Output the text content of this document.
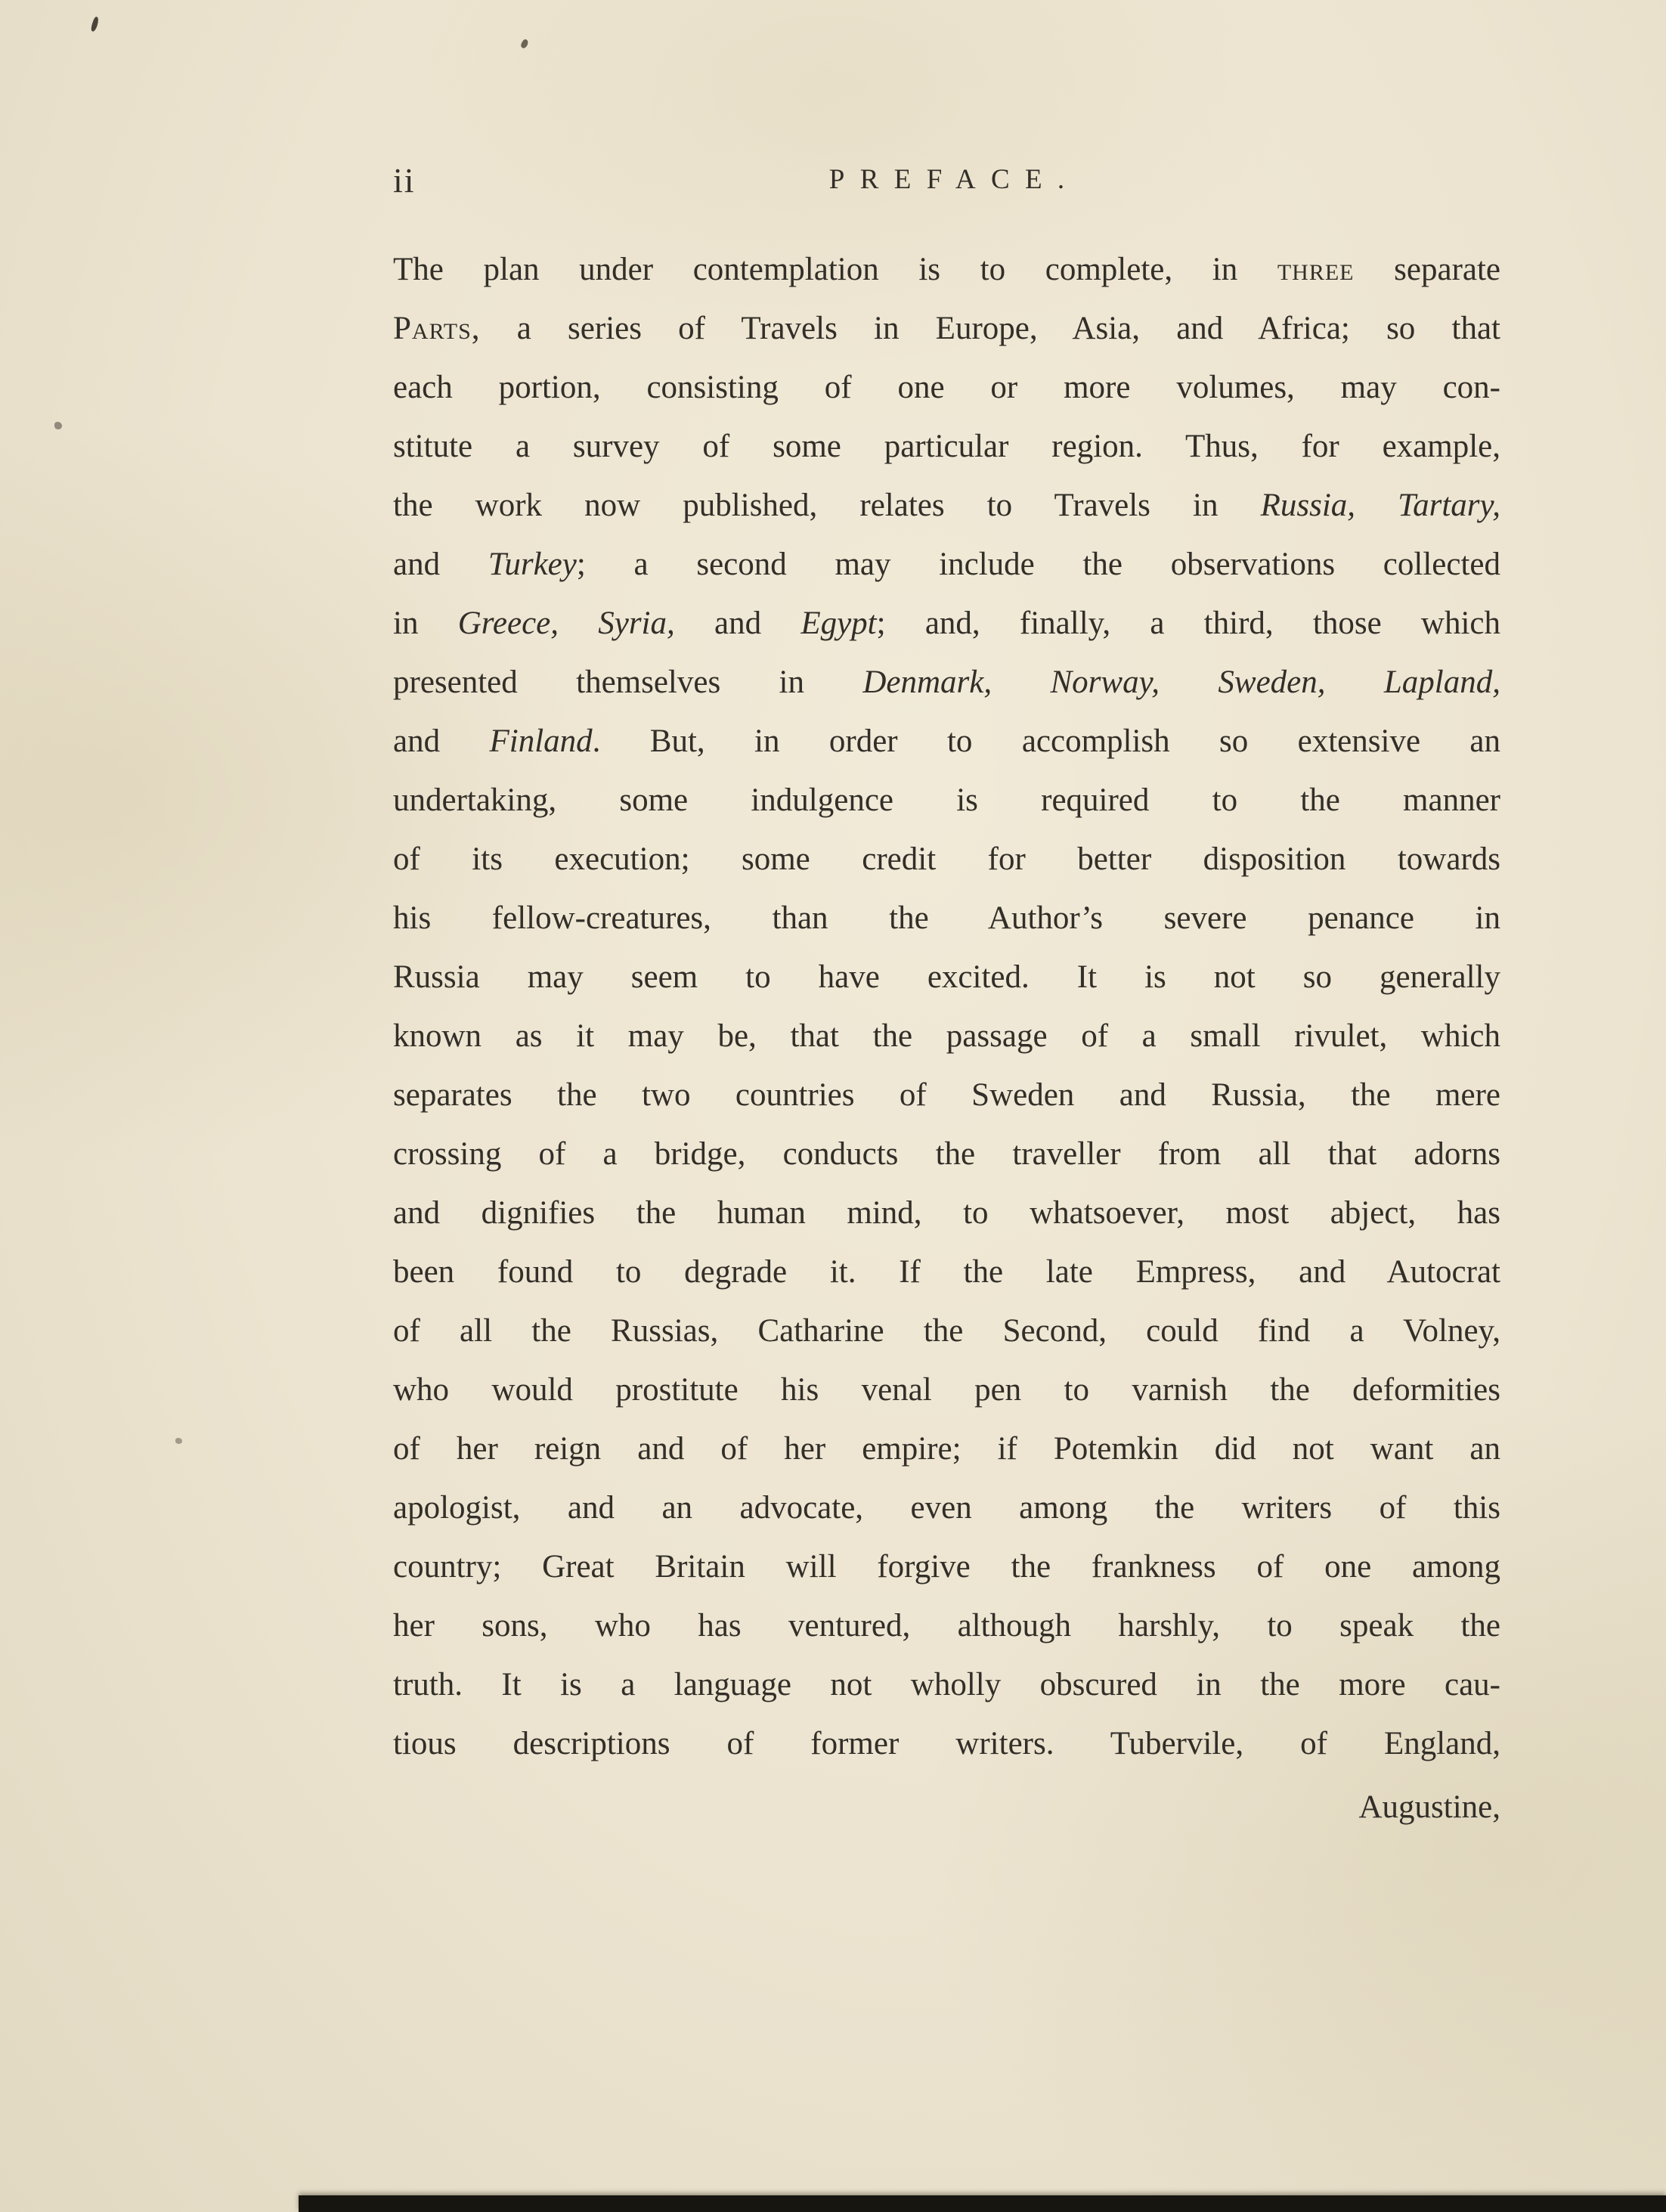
ii	PREFACE.
The plan under contemplation is to complete, in three separate
Parts, a series of Travels in Europe, Asia, and Africa; so that
each portion, consisting of one or more volumes, may con-
stitute a survey of some particular region. Thus, for example,
the work now published, relates to Travels in Russia, Tartary,
and Turkey; a second may include the observations collected
in Greece, Syria, and Egypt; and, finally, a third, those which
presented themselves in Denmark, Norway, Sweden, Lapland,
and Finland. But, in order to accomplish so extensive an
undertaking, some indulgence is required to the manner
of its execution; some credit for better disposition towards
his fellow-creatures, than the Author’s severe penance in
Russia may seem to have excited. It is not so generally
known as it may be, that the passage of a small rivulet, which
separates the two countries of Sweden and Russia, the mere
crossing of a bridge, conducts the traveller from all that adorns
and dignifies the human mind, to whatsoever, most abject, has
been found to degrade it. If the late Empress, and Autocrat
of all the Russias, Catharine the Second, could find a Volney,
who would prostitute his venal pen to varnish the deformities
of her reign and of her empire; if Potemkin did not want an
apologist, and an advocate, even among the writers of this
country; Great Britain will forgive the frankness of one among
her sons, who has ventured, although harshly, to speak the
truth. It is a language not wholly obscured in the more cau-
tious descriptions of former writers. Tubervile, of England,
Augustine,
